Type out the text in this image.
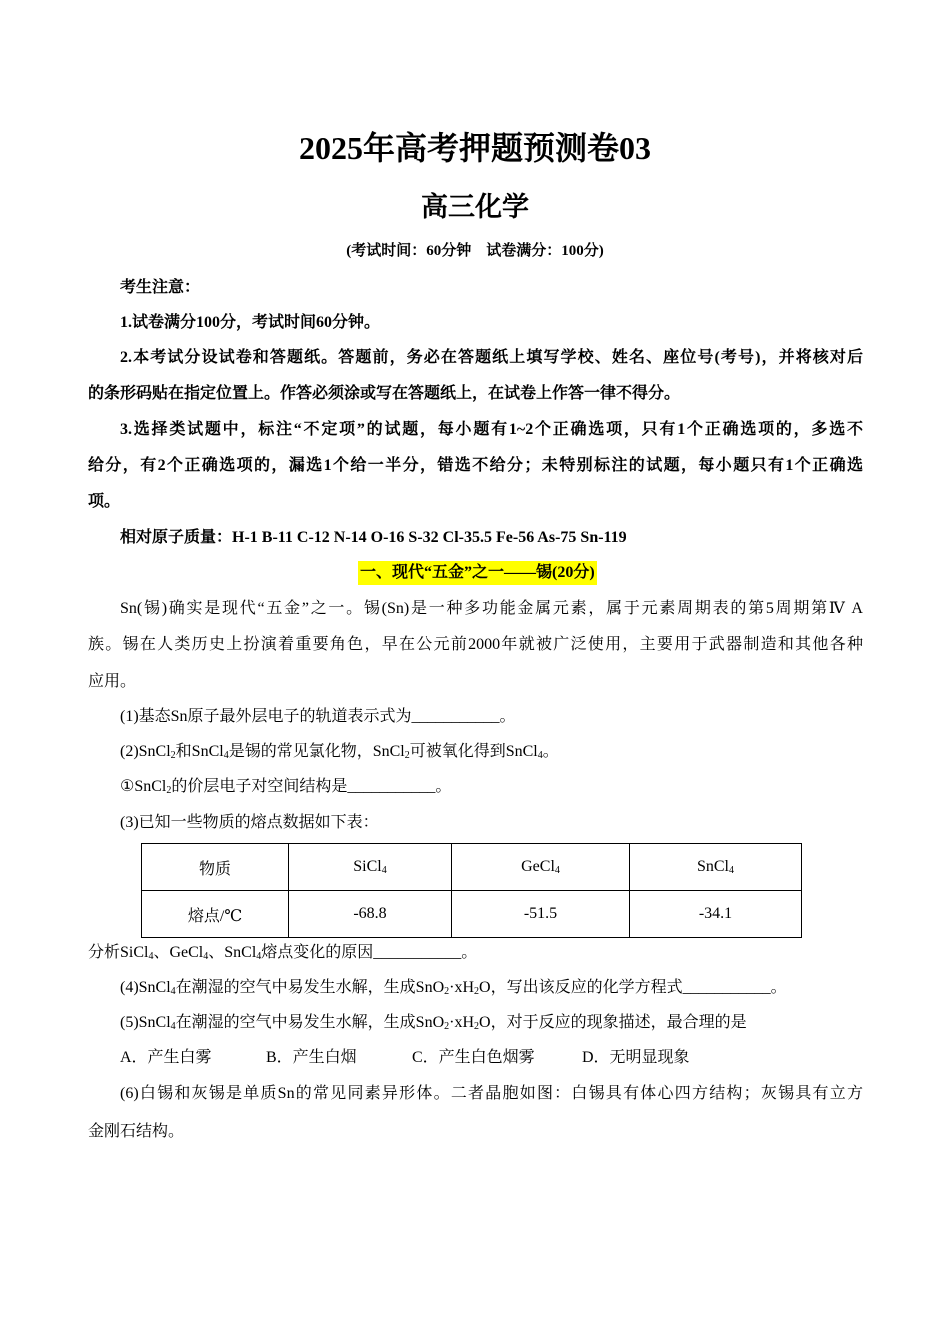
2025年高考押题预测卷03
高三化学
(考试时间：60分钟    试卷满分：100分)
考生注意：
1.试卷满分100分，考试时间60分钟。
2.本考试分设试卷和答题纸。答题前，务必在答题纸上填写学校、姓名、座位号(考号)，并将核对后
的条形码贴在指定位置上。作答必须涂或写在答题纸上，在试卷上作答一律不得分。
3.选择类试题中，标注“不定项”的试题，每小题有1~2个正确选项，只有1个正确选项的，多选不
给分，有2个正确选项的，漏选1个给一半分，错选不给分；未特别标注的试题，每小题只有1个正确选
项。
相对原子质量：H-1 B-11 C-12 N-14 O-16 S-32 Cl-35.5 Fe-56 As-75 Sn-119
一、现代“五金”之一——锡(20分)
Sn(锡)确实是现代“五金”之一。锡(Sn)是一种多功能金属元素，属于元素周期表的第5周期第Ⅳ A
族。锡在人类历史上扮演着重要角色，早在公元前2000年就被广泛使用，主要用于武器制造和其他各种
应用。
(1)基态Sn原子最外层电子的轨道表示式为___________。
(2)SnCl$_2$和SnCl$_4$是锡的常见氯化物，SnCl$_2$可被氧化得到SnCl$_4$。
①SnCl$_2$的价层电子对空间结构是___________。
(3)已知一些物质的熔点数据如下表：
物质	SiCl$_4$	GeCl$_4$	SnCl$_4$
熔点/℃	-68.8	-51.5	-34.1
分析SiCl$_4$、GeCl$_4$、SnCl$_4$熔点变化的原因___________。
(4)SnCl$_4$在潮湿的空气中易发生水解，生成$SnO_2\cdot xH_2O$，写出该反应的化学方程式___________。
(5)SnCl$_4$在潮湿的空气中易发生水解，生成$SnO_2\cdot xH_2O$，对于反应的现象描述，最合理的是
A．产生白雾	B．产生白烟	C．产生白色烟雾	D．无明显现象
(6)白锡和灰锡是单质Sn的常见同素异形体。二者晶胞如图：白锡具有体心四方结构；灰锡具有立方
金刚石结构。
